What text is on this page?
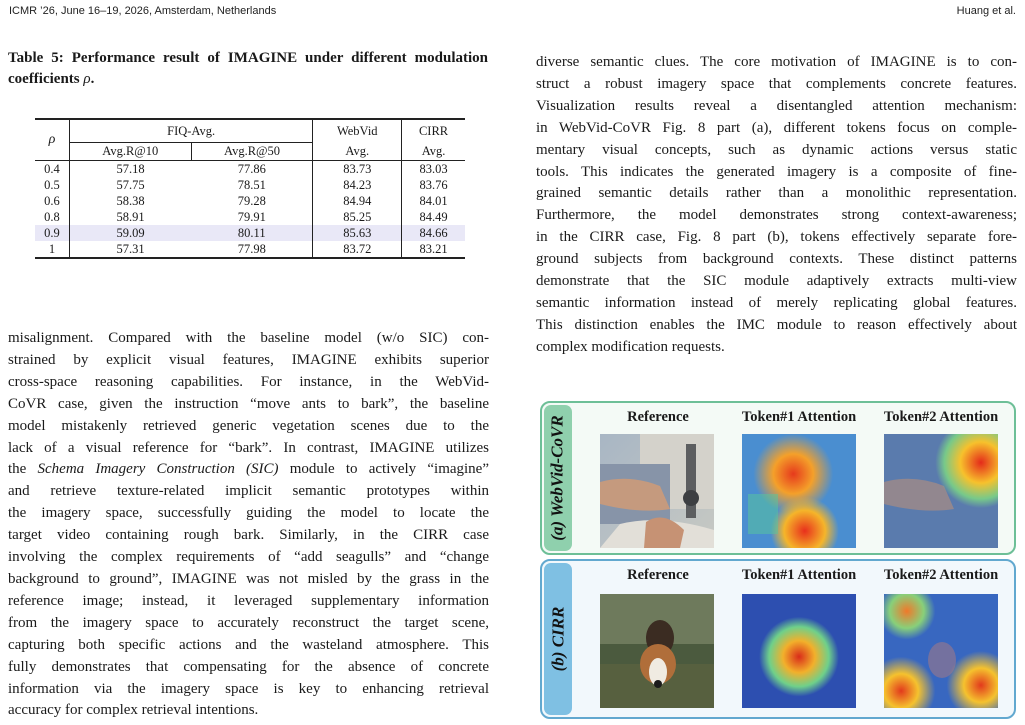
ICMR ’26, June 16–19, 2026, Amsterdam, Netherlands	Huang et al.
Table 5: Performance result of IMAGINE under different modulation coefficients ρ.
ρ	FIQ-Avg.		WebVid	CIRR
	Avg.R@10	Avg.R@50	Avg.	Avg.
0.4	57.18	77.86	83.73	83.03
0.5	57.75	78.51	84.23	83.76
0.6	58.38	79.28	84.94	84.01
0.8	58.91	79.91	85.25	84.49
0.9	59.09	80.11	85.63	84.66
1	57.31	77.98	83.72	83.21
misalignment. Compared with the baseline model (w/o SIC) con-
strained by explicit visual features, IMAGINE exhibits superior
cross-space reasoning capabilities. For instance, in the WebVid-
CoVR case, given the instruction “move ants to bark”, the baseline
model mistakenly retrieved generic vegetation scenes due to the
lack of a visual reference for “bark”. In contrast, IMAGINE utilizes
the Schema Imagery Construction (SIC) module to actively “imagine”
and retrieve texture-related implicit semantic prototypes within
the imagery space, successfully guiding the model to locate the
target video containing rough bark. Similarly, in the CIRR case
involving the complex requirements of “add seagulls” and “change
background to ground”, IMAGINE was not misled by the grass in the
reference image; instead, it leveraged supplementary information
from the imagery space to accurately reconstruct the target scene,
capturing both specific actions and the wasteland atmosphere. This
fully demonstrates that compensating for the absence of concrete
information via the imagery space is key to enhancing retrieval
accuracy for complex retrieval intentions.
diverse semantic clues. The core motivation of IMAGINE is to con-
struct a robust imagery space that complements concrete features.
Visualization results reveal a disentangled attention mechanism:
in WebVid-CoVR Fig. 8 part (a), different tokens focus on comple-
mentary visual concepts, such as dynamic actions versus static
tools. This indicates the generated imagery is a composite of fine-
grained semantic details rather than a monolithic representation.
Furthermore, the model demonstrates strong context-awareness;
in the CIRR case, Fig. 8 part (b), tokens effectively separate fore-
ground subjects from background contexts. These distinct patterns
demonstrate that the SIC module adaptively extracts multi-view
semantic information instead of merely replicating global features.
This distinction enables the IMC module to reason effectively about
complex modification requests.
(a) WebVid-CoVR	Reference	Token#1 Attention	Token#2 Attention
(b) CIRR
Reference	Token#1 Attention	Token#2 Attention
